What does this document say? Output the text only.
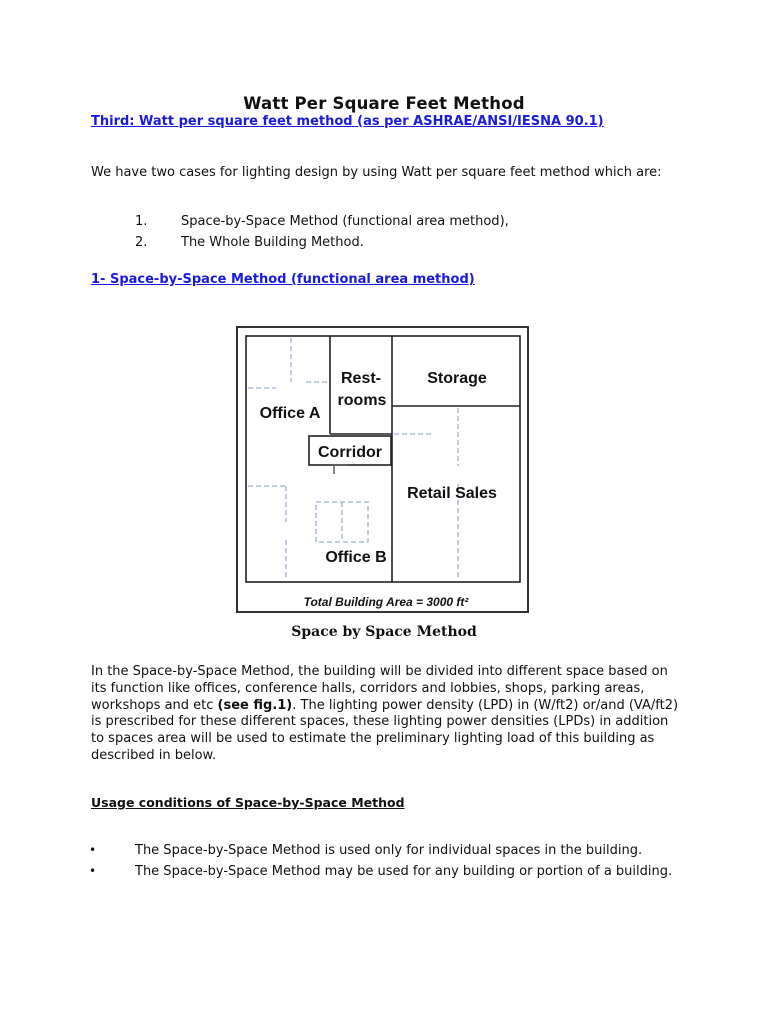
Watt Per Square Feet Method
Third: Watt per square feet method (as per ASHRAE/ANSI/IESNA 90.1)
We have two cases for lighting design by using Watt per square feet method which are:
1.	Space-by-Space Method (functional area method),
2.	The Whole Building Method.
1- Space-by-Space Method (functional area method)
Rest-
rooms
Storage
Office A
Corridor
Retail Sales
Office B
Total Building Area = 3000 ft²
Space by Space Method
In the Space-by-Space Method, the building will be divided into different space based on its function like offices, conference halls, corridors and lobbies, shops, parking areas, workshops and etc (see fig.1). The lighting power density (LPD) in (W/ft2) or/and (VA/ft2) is prescribed for these different spaces, these lighting power densities (LPDs) in addition to spaces area will be used to estimate the preliminary lighting load of this building as described in below.
Usage conditions of Space-by-Space Method
•	The Space-by-Space Method is used only for individual spaces in the building.
•	The Space-by-Space Method may be used for any building or portion of a building.
